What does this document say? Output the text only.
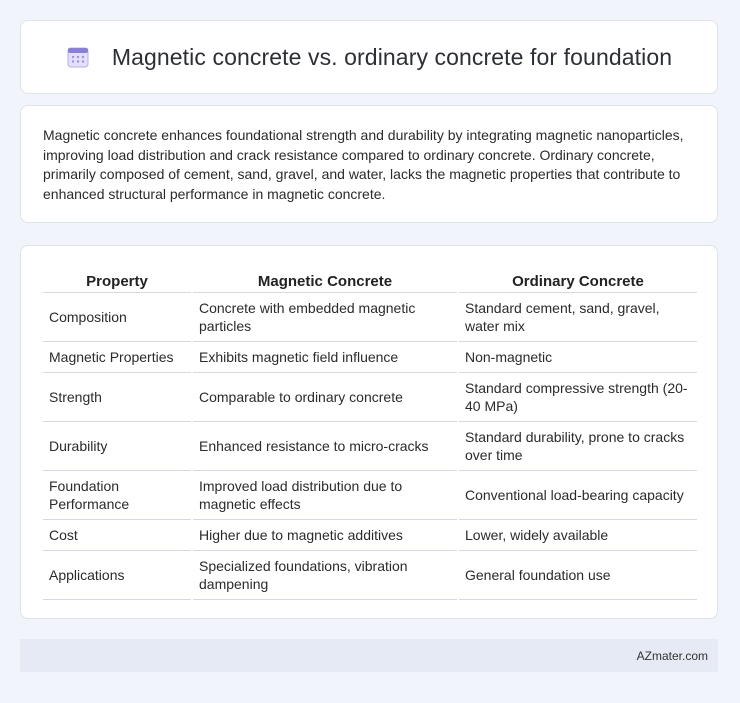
Magnetic concrete vs. ordinary concrete for foundation

Magnetic concrete enhances foundational strength and durability by integrating magnetic nanoparticles, improving load distribution and crack resistance compared to ordinary concrete. Ordinary concrete, primarily composed of cement, sand, gravel, and water, lacks the magnetic properties that contribute to enhanced structural performance in magnetic concrete.

Property	Magnetic Concrete	Ordinary Concrete
Composition	Concrete with embedded magnetic particles	Standard cement, sand, gravel, water mix
Magnetic Properties	Exhibits magnetic field influence	Non-magnetic
Strength	Comparable to ordinary concrete	Standard compressive strength (20-40 MPa)
Durability	Enhanced resistance to micro-cracks	Standard durability, prone to cracks over time
Foundation Performance	Improved load distribution due to magnetic effects	Conventional load-bearing capacity
Cost	Higher due to magnetic additives	Lower, widely available
Applications	Specialized foundations, vibration dampening	General foundation use
AZmater.com
